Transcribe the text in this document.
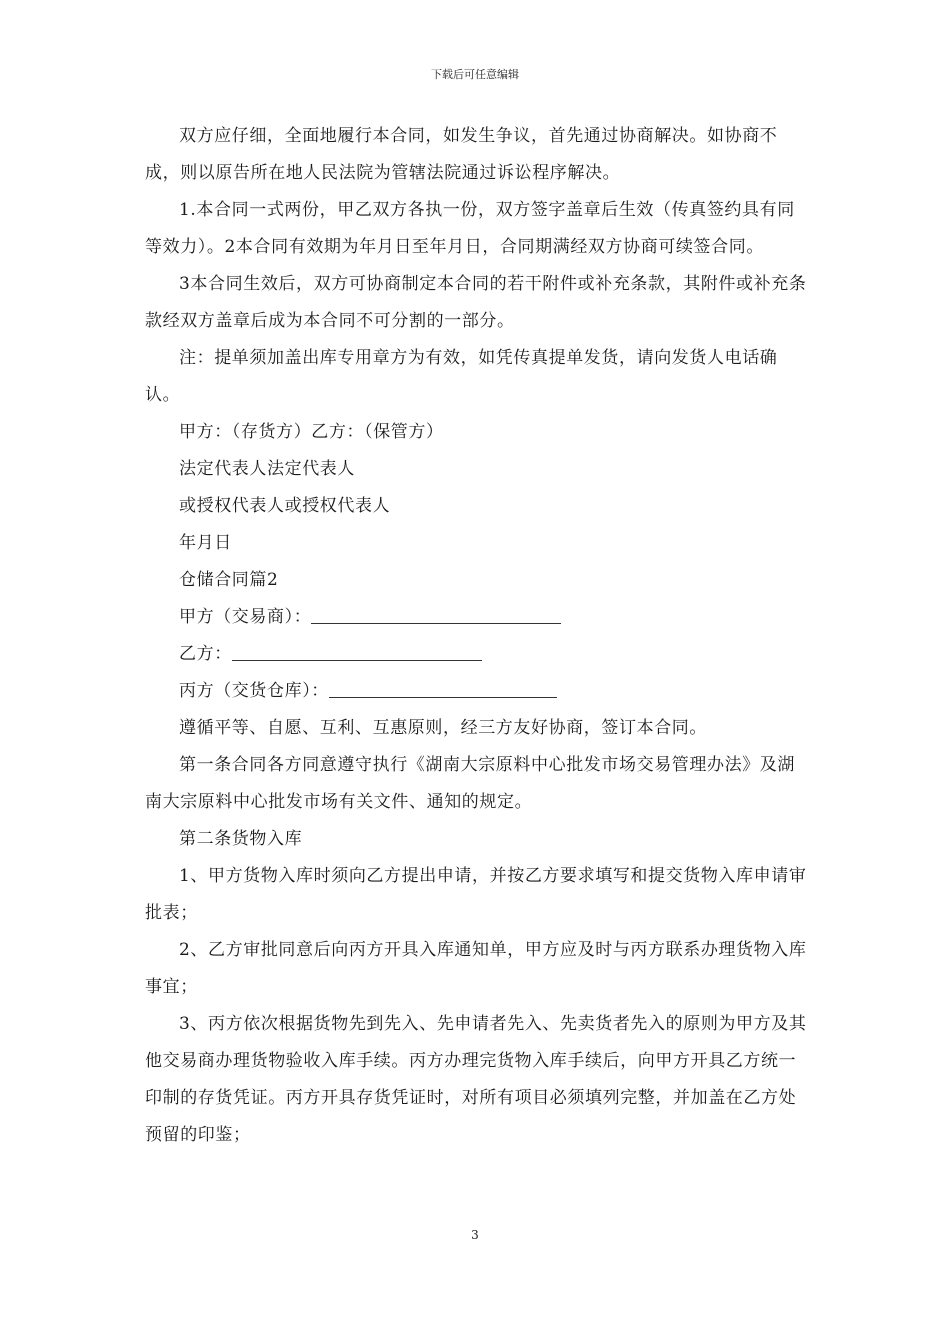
下载后可任意编辑

双方应仔细，全面地履行本合同，如发生争议，首先通过协商解决。如协商不成，则以原告所在地人民法院为管辖法院通过诉讼程序解决。

1.本合同一式两份，甲乙双方各执一份，双方签字盖章后生效（传真签约具有同等效力）。2本合同有效期为年月日至年月日，合同期满经双方协商可续签合同。

3本合同生效后，双方可协商制定本合同的若干附件或补充条款，其附件或补充条款经双方盖章后成为本合同不可分割的一部分。

注：提单须加盖出库专用章方为有效，如凭传真提单发货，请向发货人电话确认。

甲方：（存货方）乙方：（保管方）

法定代表人法定代表人

或授权代表人或授权代表人

年月日

仓储合同篇2

甲方（交易商）：

乙方：

丙方（交货仓库）：

遵循平等、自愿、互利、互惠原则，经三方友好协商，签订本合同。

第一条合同各方同意遵守执行《湖南大宗原料中心批发市场交易管理办法》及湖南大宗原料中心批发市场有关文件、通知的规定。

第二条货物入库

1、甲方货物入库时须向乙方提出申请，并按乙方要求填写和提交货物入库申请审批表；

2、乙方审批同意后向丙方开具入库通知单，甲方应及时与丙方联系办理货物入库事宜；

3、丙方依次根据货物先到先入、先申请者先入、先卖货者先入的原则为甲方及其他交易商办理货物验收入库手续。丙方办理完货物入库手续后，向甲方开具乙方统一印制的存货凭证。丙方开具存货凭证时，对所有项目必须填列完整，并加盖在乙方处预留的印鉴；

3
